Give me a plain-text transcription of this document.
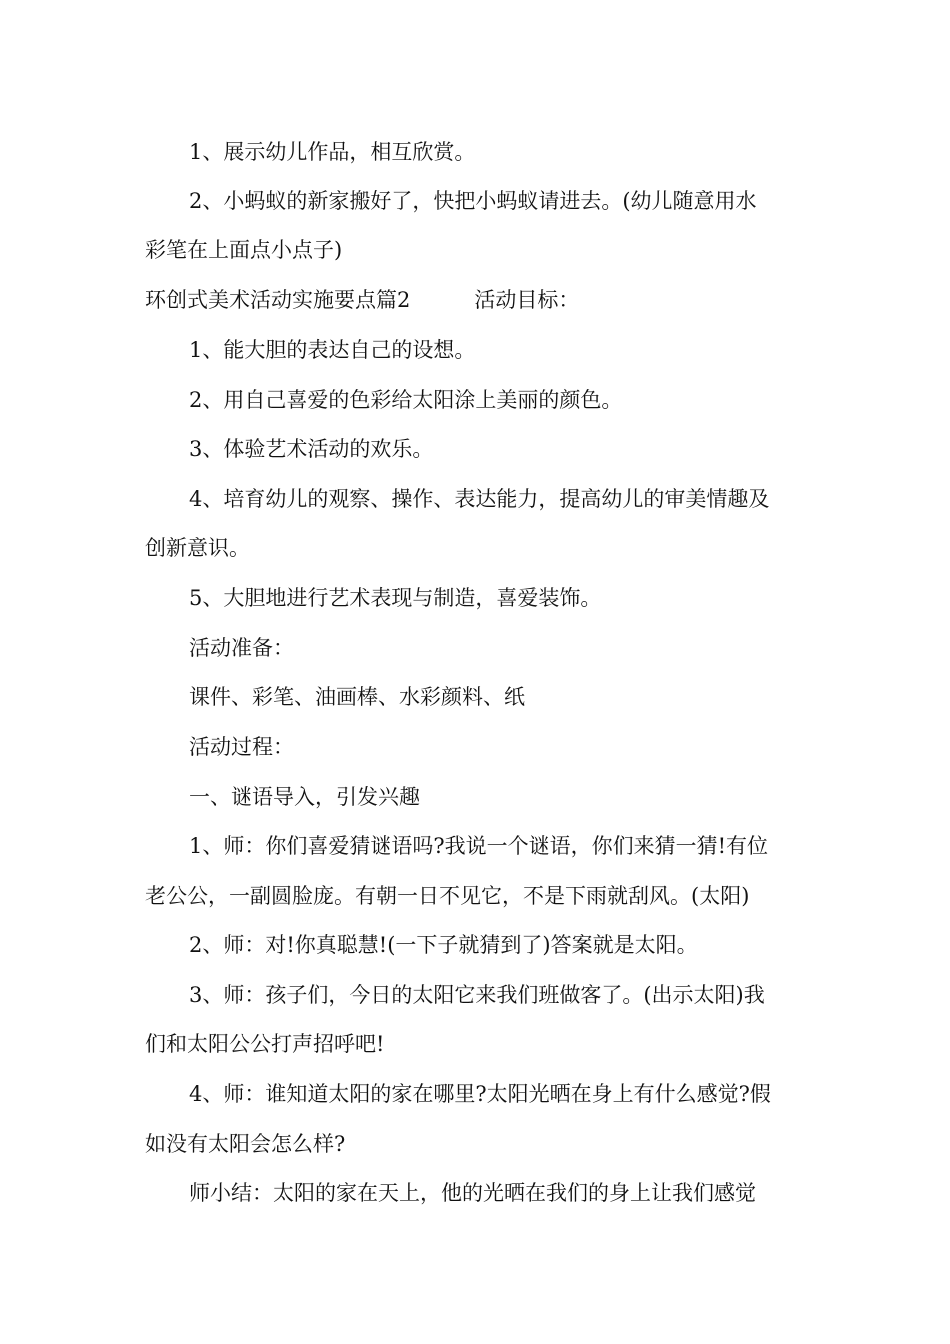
1、展示幼儿作品，相互欣赏。
2、小蚂蚁的新家搬好了，快把小蚂蚁请进去。(幼儿随意用水
彩笔在上面点小点子)
环创式美术活动实施要点篇2	活动目标：
1、能大胆的表达自己的设想。
2、用自己喜爱的色彩给太阳涂上美丽的颜色。
3、体验艺术活动的欢乐。
4、培育幼儿的观察、操作、表达能力，提高幼儿的审美情趣及
创新意识。
5、大胆地进行艺术表现与制造，喜爱装饰。
活动准备：
课件、彩笔、油画棒、水彩颜料、纸
活动过程：
一、谜语导入，引发兴趣
1、师：你们喜爱猜谜语吗?我说一个谜语，你们来猜一猜!有位
老公公，一副圆脸庞。有朝一日不见它，不是下雨就刮风。(太阳)
2、师：对!你真聪慧!(一下子就猜到了)答案就是太阳。
3、师：孩子们，今日的太阳它来我们班做客了。(出示太阳)我
们和太阳公公打声招呼吧!
4、师：谁知道太阳的家在哪里?太阳光晒在身上有什么感觉?假
如没有太阳会怎么样?
师小结：太阳的家在天上，他的光晒在我们的身上让我们感觉
